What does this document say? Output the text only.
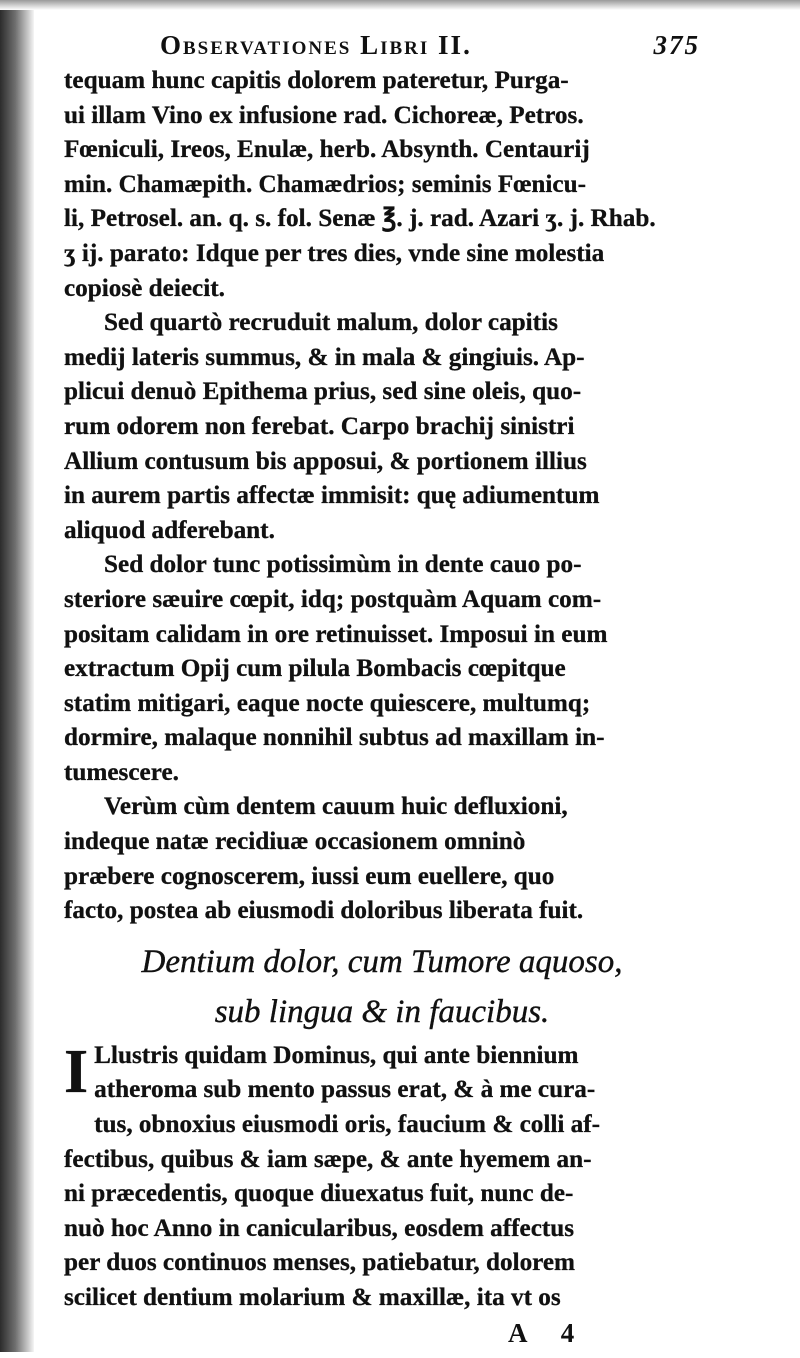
Observationes Libri II.	375

tequam hunc capitis dolorem pateretur, Purga-
ui illam Vino ex infusione rad. Cichoreæ, Petros.
Fœniculi, Ireos, Enulæ, herb. Absynth. Centaurij
min. Chamæpith. Chamædrios; seminis Fœnicu-
li, Petrosel. an. q. s. fol. Senæ ℥. j. rad. Azari ʒ. j. Rhab.
ʒ ij. parato: Idque per tres dies, vnde sine molestia
copiosè deiecit.

Sed quartò recruduit malum, dolor capitis
medij lateris summus, & in mala & gingiuis. Ap-
plicui denuò Epithema prius, sed sine oleis, quo-
rum odorem non ferebat. Carpo brachij sinistri
Allium contusum bis apposui, & portionem illius
in aurem partis affectæ immisit: quę adiumentum
aliquod adferebant.

Sed dolor tunc potissimùm in dente cauo po-
steriore sæuire cœpit, idq; postquàm Aquam com-
positam calidam in ore retinuisset. Imposui in eum
extractum Opij cum pilula Bombacis cœpitque
statim mitigari, eaque nocte quiescere, multumq;
dormire, malaque nonnihil subtus ad maxillam in-
tumescere.

Verùm cùm dentem cauum huic defluxioni,
indeque natæ recidiuæ occasionem omninò
præbere cognoscerem, iussi eum euellere, quo
facto, postea ab eiusmodi doloribus liberata fuit.

Dentium dolor, cum Tumore aquoso,
sub lingua & in faucibus.

I Llustris quidam Dominus, qui ante biennium
atheroma sub mento passus erat, & à me cura-
tus, obnoxius eiusmodi oris, faucium & colli af-
fectibus, quibus & iam sæpe, & ante hyemem an-
ni præcedentis, quoque diuexatus fuit, nunc de-
nuò hoc Anno in canicularibus, eosdem affectus
per duos continuos menses, patiebatur, dolorem
scilicet dentium molarium & maxillæ, ita vt os

A 4
